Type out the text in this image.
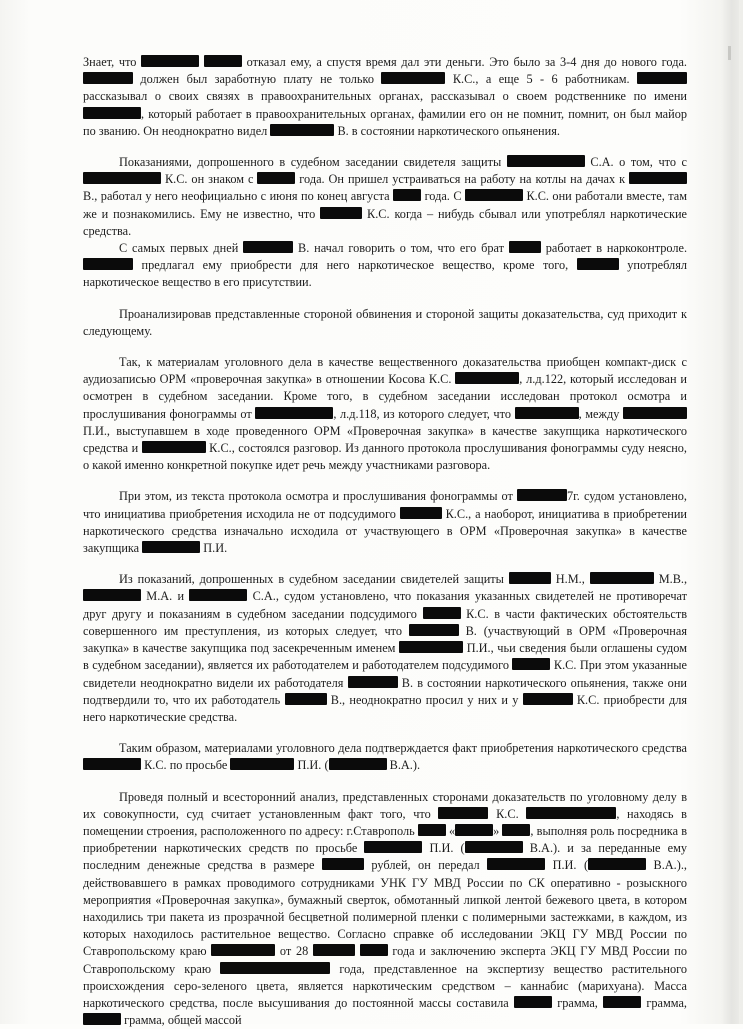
Знает, что	отказал ему, а спустя время дал эти деньги. Это было за 3-4 дня до нового года.  должен был заработную плату не только	К.С., а еще 5 - 6 работникам.  рассказывал о своих связях в правоохранительных органах, рассказывал о своем родственнике по имени , который работает в правоохранительных органах, фамилии его он не помнит, помнит, он был майор по званию. Он неоднократно видел	В. в состоянии наркотического опьянения.

Показаниями, допрошенного в судебном заседании свидетеля защиты	С.А. о том, что с  К.С. он знаком с	года. Он пришел устраиваться на работу на котлы на дачах к  В., работал у него неофициально с июня по конец августа	года. С	К.С. они работали вместе, там же и познакомились. Ему не известно, что	К.С. когда – нибудь сбывал или употреблял наркотические средства.

С самых первых дней	В. начал говорить о том, что его брат	работает в наркоконтроле.  предлагал ему приобрести для него наркотическое вещество, кроме того,	употреблял наркотическое вещество в его присутствии.

Проанализировав представленные стороной обвинения и стороной защиты доказательства, суд приходит к следующему.

Так, к материалам уголовного дела в качестве вещественного доказательства приобщен компакт-диск с аудиозаписью ОРМ «проверочная закупка» в отношении Косова К.С.	, л.д.122, который исследован и осмотрен в судебном заседании. Кроме того, в судебном заседании исследован протокол осмотра и прослушивания фонограммы от	, л.д.118, из которого следует, что	, между  П.И., выступавшем в ходе проведенного ОРМ «Проверочная закупка» в качестве закупщика наркотического средства и	К.С., состоялся разговор. Из данного протокола прослушивания фонограммы суду неясно, о какой именно конкретной покупке идет речь между участниками разговора.

При этом, из текста протокола осмотра и прослушивания фонограммы от	7г. судом установлено, что инициатива приобретения исходила не от подсудимого	К.С., а наоборот, инициатива в приобретении наркотического средства изначально исходила от участвующего в ОРМ «Проверочная закупка» в качестве закупщика	П.И.

Из показаний, допрошенных в судебном заседании свидетелей защиты	Н.М.,	М.В.,  М.А. и	С.А., судом установлено, что показания указанных свидетелей не противоречат друг другу и показаниям в судебном заседании подсудимого	К.С. в части фактических обстоятельств совершенного им преступления, из которых следует, что	В. (участвующий в ОРМ «Проверочная закупка» в качестве закупщика под засекреченным именем	П.И., чьи сведения были оглашены судом в судебном заседании), является их работодателем и работодателем подсудимого	К.С. При этом указанные свидетели неоднократно видели их работодателя	В. в состоянии наркотического опьянения, также они подтвердили то, что их работодатель	В., неоднократно просил у них и у	К.С. приобрести для него наркотические средства.

Таким образом, материалами уголовного дела подтверждается факт приобретения наркотического средства  К.С. по просьбе	П.И. (	В.А.).

Проведя полный и всесторонний анализ, представленных сторонами доказательств по уголовному делу в их совокупности, суд считает установленным факт того, что	К.С.	, находясь в помещении строения, расположенного по адресу: г.Ставрополь	«	»	, выполняя роль посредника в приобретении наркотических средств по просьбе	П.И. (	В.А.). и за переданные ему последним денежные средства в размере	рублей, он передал	П.И. (	В.А.)., действовавшего в рамках проводимого сотрудниками УНК ГУ МВД России по СК оперативно - розыскного мероприятия «Проверочная закупка», бумажный сверток, обмотанный липкой лентой бежевого цвета, в котором находились три пакета из прозрачной бесцветной полимерной пленки с полимерными застежками, в каждом, из которых находилось растительное вещество. Согласно справке об исследовании ЭКЦ ГУ МВД России по Ставропольскому краю	от 28	года и заключению эксперта ЭКЦ ГУ МВД России по Ставропольскому краю	года, представленное на экспертизу вещество растительного происхождения серо-зеленого цвета, является наркотическим средством – каннабис (марихуана). Масса наркотического средства, после высушивания до постоянной массы составила	грамма,	грамма,  грамма, общей массой
